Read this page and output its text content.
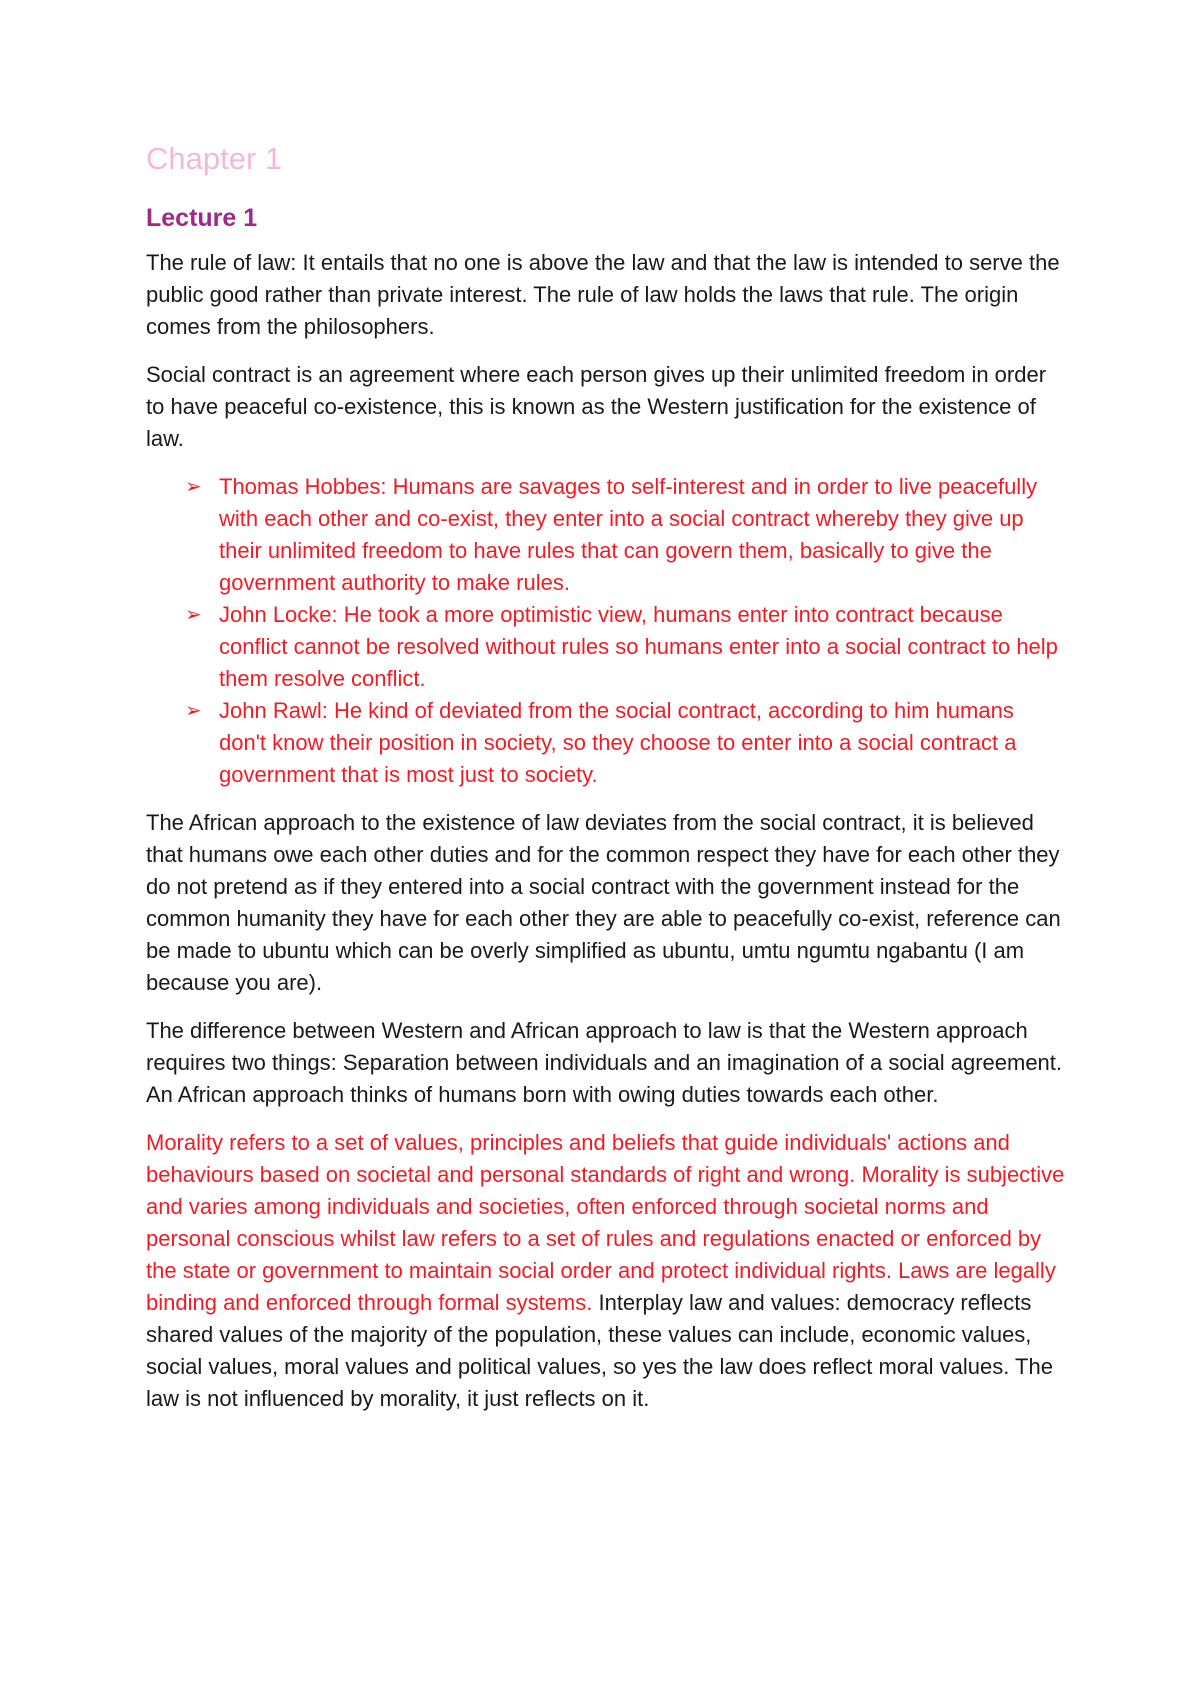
Chapter 1
Lecture 1

The rule of law: It entails that no one is above the law and that the law is intended to serve the public good rather than private interest. The rule of law holds the laws that rule. The origin comes from the philosophers.

Social contract is an agreement where each person gives up their unlimited freedom in order to have peaceful co-existence, this is known as the Western justification for the existence of law.

➢ Thomas Hobbes: Humans are savages to self-interest and in order to live peacefully with each other and co-exist, they enter into a social contract whereby they give up their unlimited freedom to have rules that can govern them, basically to give the government authority to make rules.
➢ John Locke: He took a more optimistic view, humans enter into contract because conflict cannot be resolved without rules so humans enter into a social contract to help them resolve conflict.
➢ John Rawl: He kind of deviated from the social contract, according to him humans don't know their position in society, so they choose to enter into a social contract a government that is most just to society.

The African approach to the existence of law deviates from the social contract, it is believed that humans owe each other duties and for the common respect they have for each other they do not pretend as if they entered into a social contract with the government instead for the common humanity they have for each other they are able to peacefully co-exist, reference can be made to ubuntu which can be overly simplified as ubuntu, umtu ngumtu ngabantu (I am because you are).

The difference between Western and African approach to law is that the Western approach requires two things: Separation between individuals and an imagination of a social agreement. An African approach thinks of humans born with owing duties towards each other.

Morality refers to a set of values, principles and beliefs that guide individuals' actions and behaviours based on societal and personal standards of right and wrong. Morality is subjective and varies among individuals and societies, often enforced through societal norms and personal conscious whilst law refers to a set of rules and regulations enacted or enforced by the state or government to maintain social order and protect individual rights. Laws are legally binding and enforced through formal systems. Interplay law and values: democracy reflects shared values of the majority of the population, these values can include, economic values, social values, moral values and political values, so yes the law does reflect moral values. The law is not influenced by morality, it just reflects on it.
